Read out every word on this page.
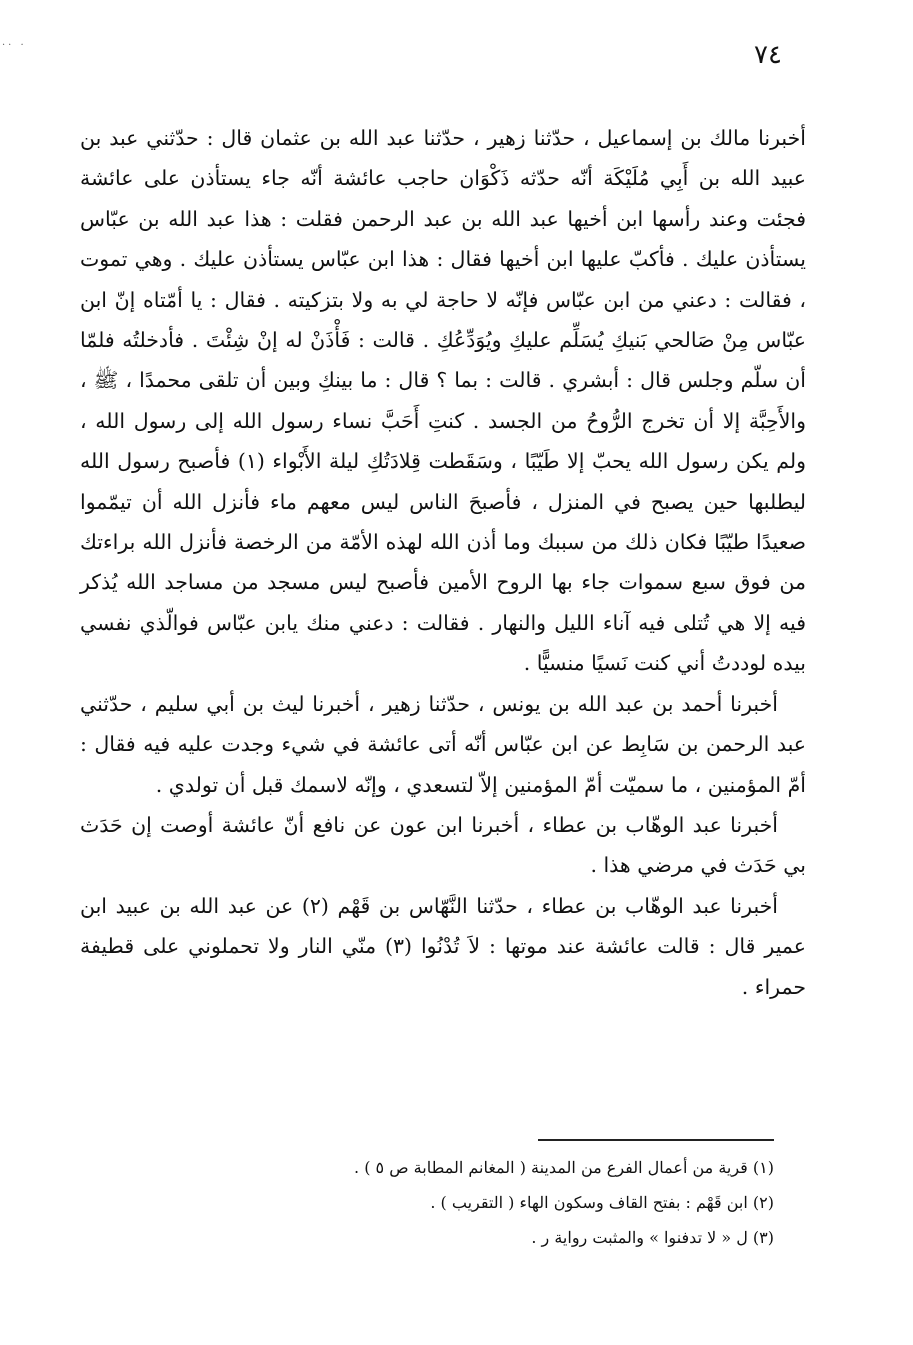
·· ·	٧٤

أخبرنا مالك بن إسماعيل ، حدّثنا زهير ، حدّثنا عبد الله بن عثمان قال : حدّثني عبد بن عبيد الله بن أَبِي مُلَيْكَة أنّه حدّثه ذَكْوَان حاجب عائشة أنّه جاء يستأذن على عائشة فجئت وعند رأسها ابن أخيها عبد الله بن عبد الرحمن فقلت : هذا عبد الله بن عبّاس يستأذن عليك . فأكبّ عليها ابن أخيها فقال : هذا ابن عبّاس يستأذن عليك . وهي تموت ، فقالت : دعني من ابن عبّاس فإنّه لا حاجة لي به ولا بتزكيته . فقال : يا أمّتاه إنّ ابن عبّاس مِنْ صَالحي بَنيكِ يُسَلِّم عليكِ ويُوَدِّعُكِ . قالت : فَأْذَنْ له إنْ شِئْتَ . فأدخلتُه فلمّا أن سلّم وجلس قال : أبشري . قالت : بما ؟ قال : ما بينكِ وبين أن تلقى محمدًا ، ﷺ ، والأَحِبَّة إلا أن تخرج الرُّوحُ من الجسد . كنتِ أَحَبَّ نساء رسول الله إلى رسول الله ، ولم يكن رسول الله يحبّ إلا طَيّبًا ، وسَقَطت قِلادَتُكِ ليلة الأَبْواء (١) فأصبح رسول الله ليطلبها حين يصبح في المنزل ، فأصبحَ الناس ليس معهم ماء فأنزل الله أن تيمّموا صعيدًا طيّبًا فكان ذلك من سببك وما أذن الله لهذه الأمّة من الرخصة فأنزل الله براءتك من فوق سبع سموات جاء بها الروح الأمين فأصبح ليس مسجد من مساجد الله يُذكر فيه إلا هي تُتلى فيه آناء الليل والنهار . فقالت : دعني منك يابن عبّاس فوالّذي نفسي بيده لوددتُ أني كنت نَسيًا منسيًّا .

أخبرنا أحمد بن عبد الله بن يونس ، حدّثنا زهير ، أخبرنا ليث بن أبي سليم ، حدّثني عبد الرحمن بن سَابِط عن ابن عبّاس أنّه أتى عائشة في شيء وجدت عليه فيه فقال : أمّ المؤمنين ، ما سميّت أمّ المؤمنين إلاّ لتسعدي ، وإنّه لاسمك قبل أن تولدي .

أخبرنا عبد الوهّاب بن عطاء ، أخبرنا ابن عون عن نافع أنّ عائشة أوصت إن حَدَث بي حَدَث في مرضي هذا .

أخبرنا عبد الوهّاب بن عطاء ، حدّثنا النَّهّاس بن قَهْم (٢) عن عبد الله بن عبيد ابن عمير قال : قالت عائشة عند موتها : لاَ تُدْنُوا (٣) منّي النار ولا تحملوني على قطيفة حمراء .

(١) قرية من أعمال الفرع من المدينة ( المغانم المطابة ص ٥ ) .

(٢) ابن قَهْم : بفتح القاف وسكون الهاء ( التقريب ) .

(٣) ل « لا تدفنوا » والمثبت رواية ر .
